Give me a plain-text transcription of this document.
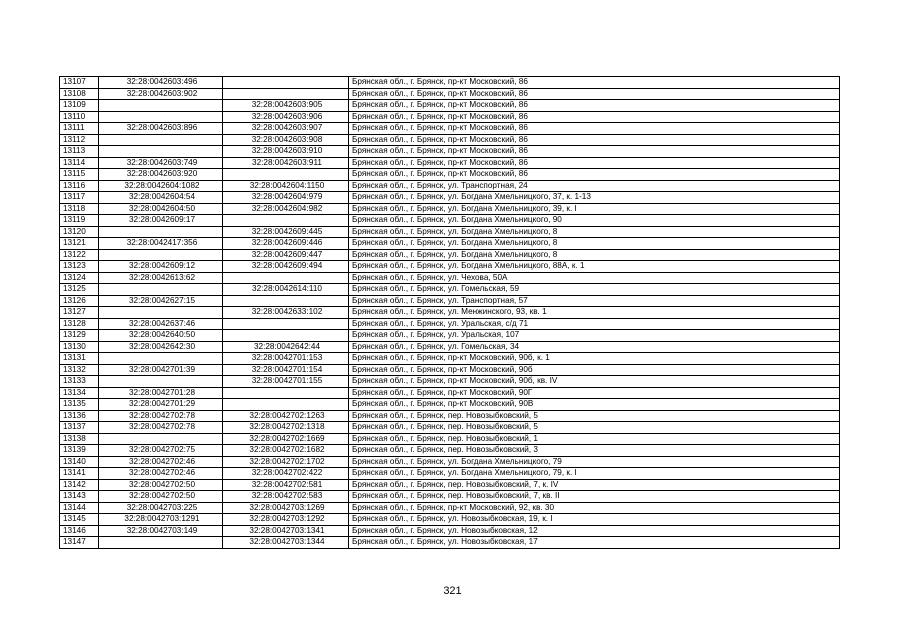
13107	32:28:0042603:496		Брянская обл., г. Брянск, пр-кт Московский, 86
13108	32:28:0042603:902		Брянская обл., г. Брянск, пр-кт Московский, 86
13109		32:28:0042603:905	Брянская обл., г. Брянск, пр-кт Московский, 86
13110		32:28:0042603:906	Брянская обл., г. Брянск, пр-кт Московский, 86
13111	32:28:0042603:896	32:28:0042603:907	Брянская обл., г. Брянск, пр-кт Московский, 86
13112		32:28:0042603:908	Брянская обл., г. Брянск, пр-кт Московский, 86
13113		32:28:0042603:910	Брянская обл., г. Брянск, пр-кт Московский, 86
13114	32:28:0042603:749	32:28:0042603:911	Брянская обл., г. Брянск, пр-кт Московский, 86
13115	32:28:0042603:920		Брянская обл., г. Брянск, пр-кт Московский, 86
13116	32:28:0042604:1082	32:28:0042604:1150	Брянская обл., г. Брянск, ул. Транспортная, 24
13117	32:28:0042604:54	32:28:0042604:979	Брянская обл., г. Брянск, ул. Богдана Хмельницкого, 37, к. 1-13
13118	32:28:0042604:50	32:28:0042604:982	Брянская обл., г. Брянск, ул. Богдана Хмельницкого, 39, к. I
13119	32:28:0042609:17		Брянская обл., г. Брянск, ул. Богдана Хмельницкого, 90
13120		32:28:0042609:445	Брянская обл., г. Брянск, ул. Богдана Хмельницкого, 8
13121	32:28:0042417:356	32:28:0042609:446	Брянская обл., г. Брянск, ул. Богдана Хмельницкого, 8
13122		32:28:0042609:447	Брянская обл., г. Брянск, ул. Богдана Хмельницкого, 8
13123	32:28:0042609:12	32:28:0042609:494	Брянская обл., г. Брянск, ул. Богдана Хмельницкого, 88А, к. 1
13124	32:28:0042613:62		Брянская обл., г. Брянск, ул. Чехова, 50А
13125		32:28:0042614:110	Брянская обл., г. Брянск, ул. Гомельская, 59
13126	32:28:0042627:15		Брянская обл., г. Брянск, ул. Транспортная, 57
13127		32:28:0042633:102	Брянская обл., г. Брянск, ул. Менжинского, 93, кв. 1
13128	32:28:0042637:46		Брянская обл., г. Брянск, ул. Уральская, с/д 71
13129	32:28:0042640:50		Брянская обл., г. Брянск, ул. Уральская, 107
13130	32:28:0042642:30	32:28:0042642:44	Брянская обл., г. Брянск, ул. Гомельская, 34
13131		32:28:0042701:153	Брянская обл., г. Брянск, пр-кт Московский, 90б, к. 1
13132	32:28:0042701:39	32:28:0042701:154	Брянская обл., г. Брянск, пр-кт Московский, 90б
13133		32:28:0042701:155	Брянская обл., г. Брянск, пр-кт Московский, 90б, кв. IV
13134	32:28:0042701:28		Брянская обл., г. Брянск, пр-кт Московский, 90Г
13135	32:28:0042701:29		Брянская обл., г. Брянск, пр-кт Московский, 90В
13136	32:28:0042702:78	32:28:0042702:1263	Брянская обл., г. Брянск, пер. Новозыбковский, 5
13137	32:28:0042702:78	32:28:0042702:1318	Брянская обл., г. Брянск, пер. Новозыбковский, 5
13138		32:28:0042702:1669	Брянская обл., г. Брянск, пер. Новозыбковский, 1
13139	32:28:0042702:75	32:28:0042702:1682	Брянская обл., г. Брянск, пер. Новозыбковский, 3
13140	32:28:0042702:46	32:28:0042702:1702	Брянская обл., г. Брянск, ул. Богдана Хмельницкого, 79
13141	32:28:0042702:46	32:28:0042702:422	Брянская обл., г. Брянск, ул. Богдана Хмельницкого, 79, к. I
13142	32:28:0042702:50	32:28:0042702:581	Брянская обл., г. Брянск, пер. Новозыбковский, 7, к. IV
13143	32:28:0042702:50	32:28:0042702:583	Брянская обл., г. Брянск, пер. Новозыбковский, 7, кв. II
13144	32:28:0042703:225	32:28:0042703:1269	Брянская обл., г. Брянск, пр-кт Московский, 92, кв. 30
13145	32:28:0042703:1291	32:28:0042703:1292	Брянская обл., г. Брянск, ул. Новозыбковская, 19, к. I
13146	32:28:0042703:149	32:28:0042703:1341	Брянская обл., г. Брянск, ул. Новозыбковская, 12
13147		32:28:0042703:1344	Брянская обл., г. Брянск, ул. Новозыбковская, 17
321
